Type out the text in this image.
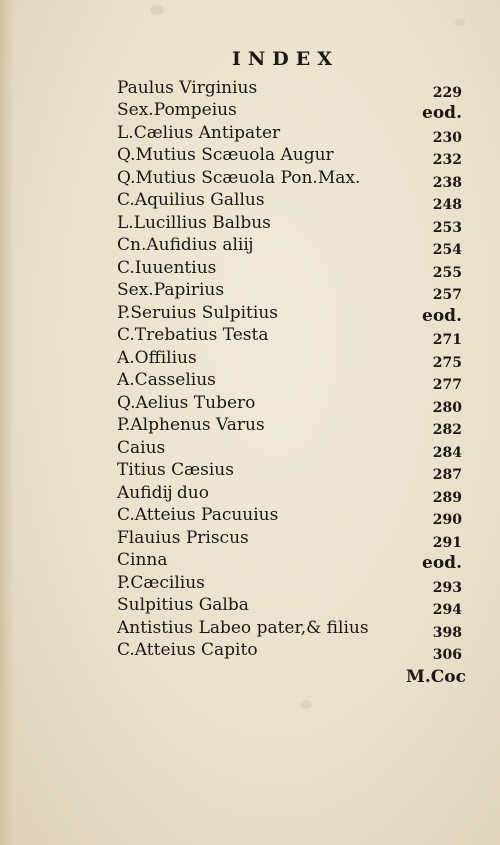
INDEX
Paulus Virginius	229
Sex.Pompeius	eod.
L.Cælius Antipater	230
Q.Mutius Scæuola Augur	232
Q.Mutius Scæuola Pon.Max.	238
C.Aquilius Gallus	248
L.Lucillius Balbus	253
Cn.Aufidius aliĳ	254
C.Iuuentius	255
Sex.Papirius	257
P.Seruius Sulpitius	eod.
C.Trebatius Testa	271
A.Offilius	275
A.Casselius	277
Q.Aelius Tubero	280
P.Alphenus Varus	282
Caius	284
Titius Cæsius	287
Aufidĳ duo	289
C.Atteius Pacuuius	290
Flauius Priscus	291
Cinna	eod.
P.Cæcilius	293
Sulpitius Galba	294
Antistius Labeo pater,& filius	398
C.Atteius Capito	306
M.Coc
